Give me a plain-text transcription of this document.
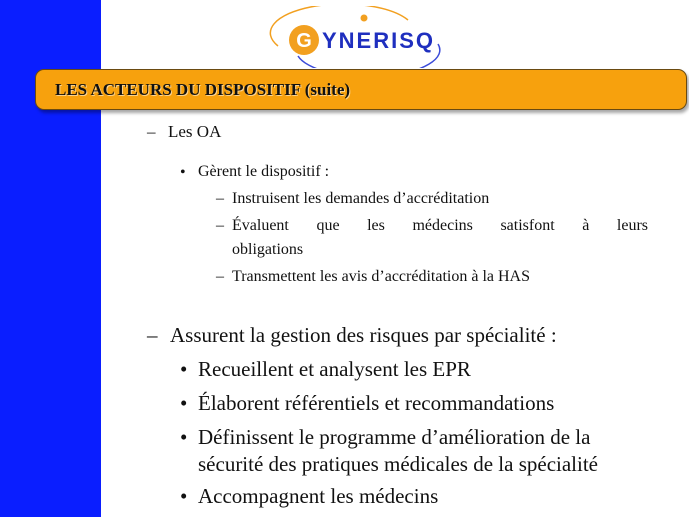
G YNERISQ
LES ACTEURS DU DISPOSITIF (suite)
– Les OA
• Gèrent le dispositif :
– Instruisent les demandes d’accréditation
– Évaluent que les médecins satisfont à leurs
obligations
– Transmettent les avis d’accréditation à la HAS
– Assurent la gestion des risques par spécialité :
• Recueillent et analysent les EPR
• Élaborent référentiels et recommandations
• Définissent le programme d’amélioration de la
sécurité des pratiques médicales de la spécialité
• Accompagnent les médecins
